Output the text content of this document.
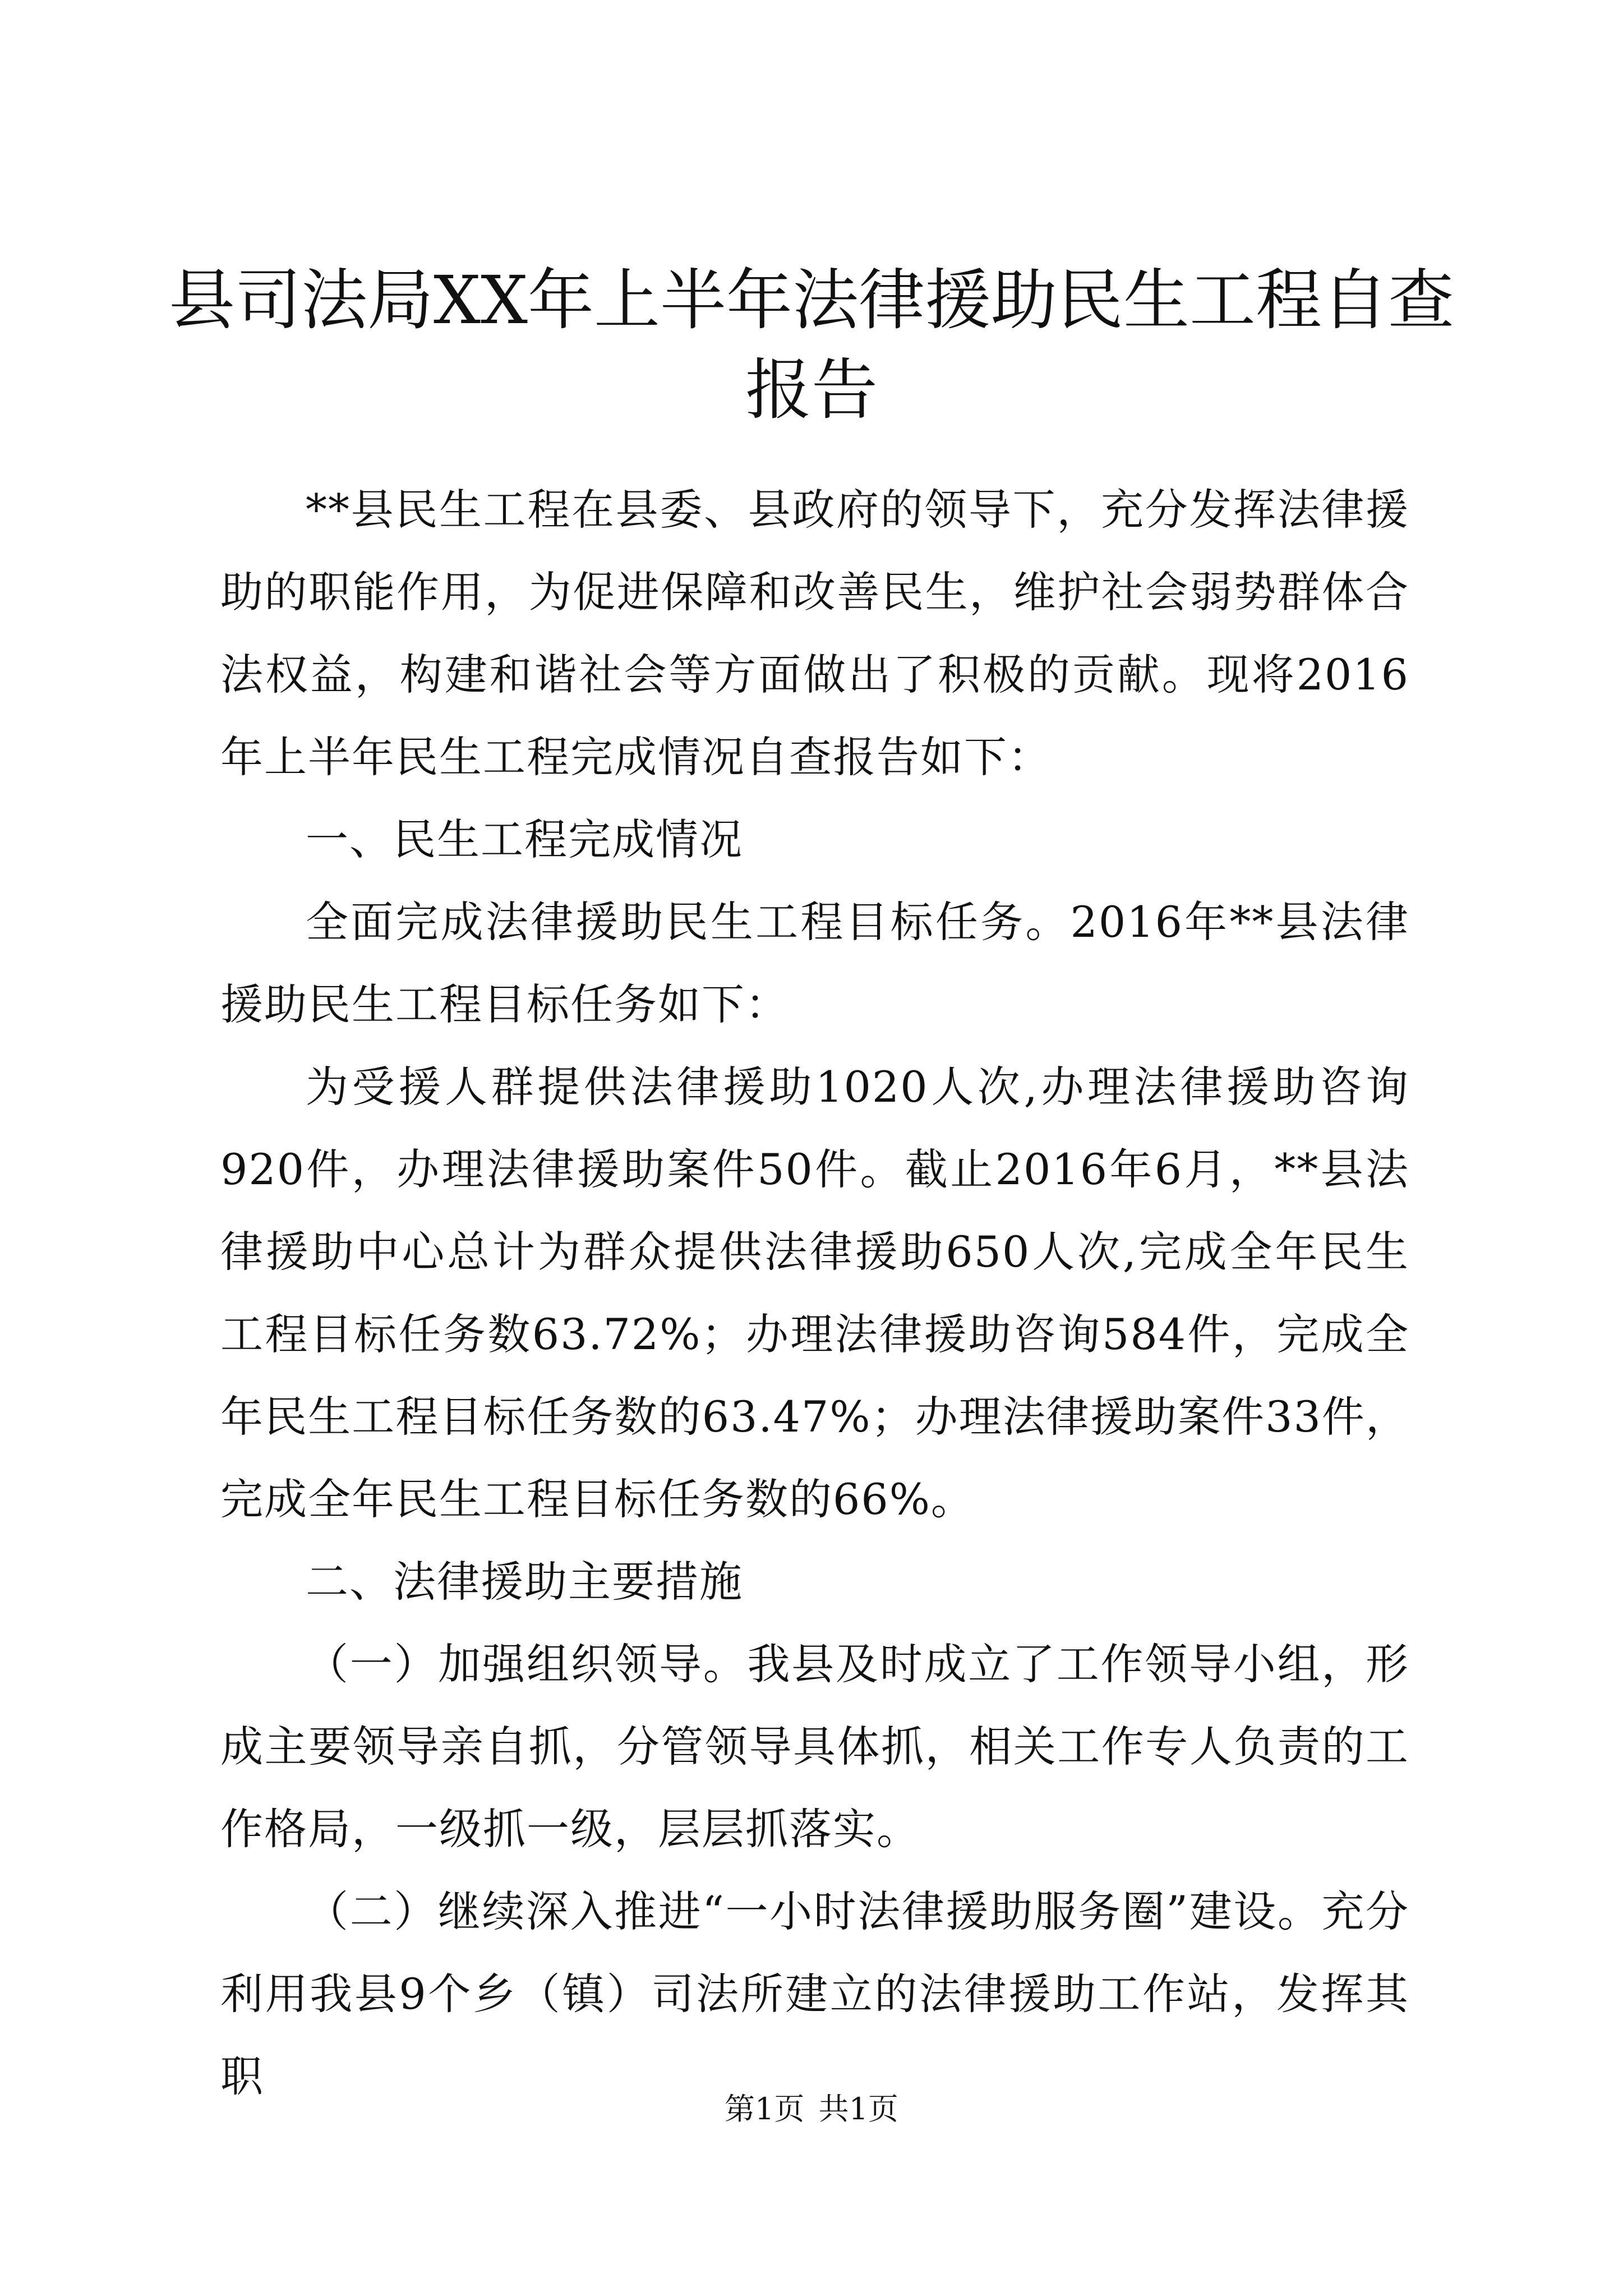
县司法局XX年上半年法律援助民生工程自查报告

**县民生工程在县委、县政府的领导下，充分发挥法律援助的职能作用，为促进保障和改善民生，维护社会弱势群体合法权益，构建和谐社会等方面做出了积极的贡献。现将2016年上半年民生工程完成情况自查报告如下：

一、民生工程完成情况

全面完成法律援助民生工程目标任务。2016年**县法律援助民生工程目标任务如下：

为受援人群提供法律援助1020人次,办理法律援助咨询920件，办理法律援助案件50件。截止2016年6月，**县法律援助中心总计为群众提供法律援助650人次,完成全年民生工程目标任务数63.72%；办理法律援助咨询584件，完成全年民生工程目标任务数的63.47%；办理法律援助案件33件，完成全年民生工程目标任务数的66%。

二、法律援助主要措施

（一）加强组织领导。我县及时成立了工作领导小组，形成主要领导亲自抓，分管领导具体抓，相关工作专人负责的工作格局，一级抓一级，层层抓落实。

（二）继续深入推进“一小时法律援助服务圈”建设。充分利用我县9个乡（镇）司法所建立的法律援助工作站，发挥其职

第1页 共1页
